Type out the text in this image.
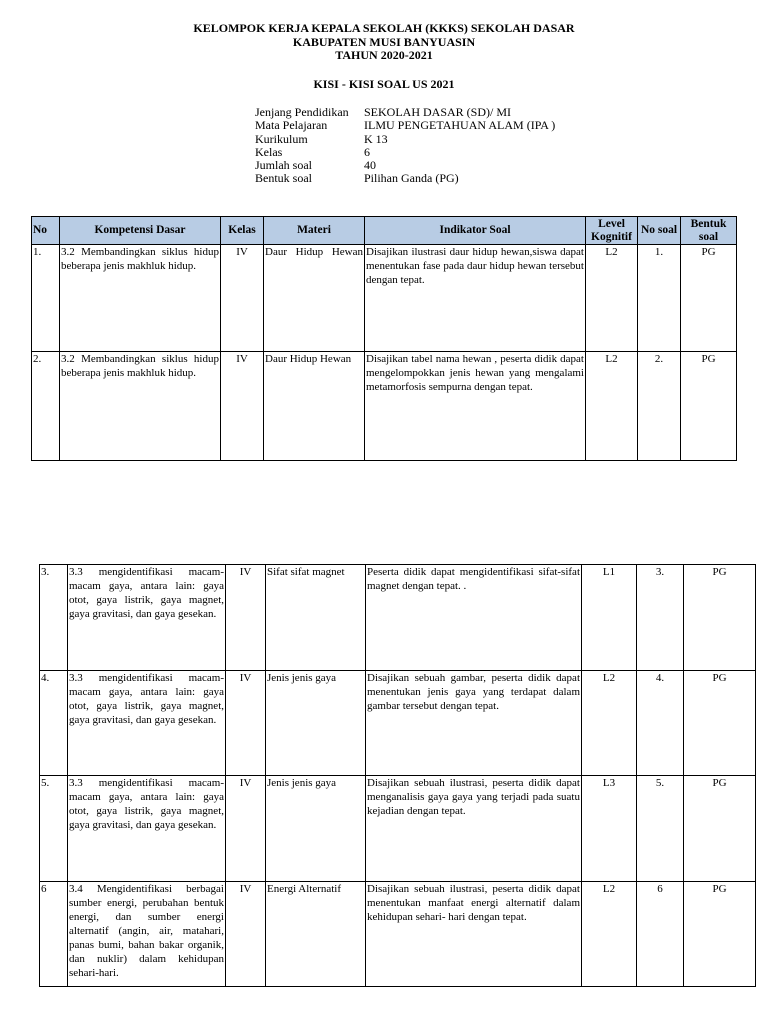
KELOMPOK KERJA KEPALA SEKOLAH (KKKS) SEKOLAH DASAR
KABUPATEN MUSI BANYUASIN
TAHUN 2020-2021
KISI - KISI SOAL US 2021
Jenjang Pendidikan	SEKOLAH DASAR (SD)/ MI
Mata Pelajaran	ILMU PENGETAHUAN ALAM (IPA )
Kurikulum	K 13
Kelas	6
Jumlah soal	40
Bentuk soal	Pilihan Ganda (PG)
No	Kompetensi Dasar	Kelas	Materi	Indikator Soal	Level Kognitif	No soal	Bentuk soal
1.	3.2 Membandingkan siklus hidup beberapa jenis makhluk hidup.	IV	Daur Hidup Hewan	Disajikan ilustrasi daur hidup hewan,siswa dapat menentukan fase pada daur hidup hewan tersebut dengan tepat.	L2	1.	PG
2.	3.2 Membandingkan siklus hidup beberapa jenis makhluk hidup.	IV	Daur Hidup Hewan	Disajikan tabel nama hewan , peserta didik dapat mengelompokkan jenis hewan yang mengalami metamorfosis sempurna dengan tepat.	L2	2.	PG
3.	3.3 mengidentifikasi macam-macam gaya, antara lain: gaya otot, gaya listrik, gaya magnet, gaya gravitasi, dan gaya gesekan.	IV	Sifat sifat magnet	Peserta didik dapat mengidentifikasi sifat-sifat magnet dengan tepat. .	L1	3.	PG
4.	3.3 mengidentifikasi macam-macam gaya, antara lain: gaya otot, gaya listrik, gaya magnet, gaya gravitasi, dan gaya gesekan.	IV	Jenis jenis gaya	Disajikan sebuah gambar, peserta didik dapat menentukan jenis gaya yang terdapat dalam gambar tersebut dengan tepat.	L2	4.	PG
5.	3.3 mengidentifikasi macam-macam gaya, antara lain: gaya otot, gaya listrik, gaya magnet, gaya gravitasi, dan gaya gesekan.	IV	Jenis jenis gaya	Disajikan sebuah ilustrasi, peserta didik dapat menganalisis gaya gaya yang terjadi pada suatu kejadian dengan tepat.	L3	5.	PG
6	3.4 Mengidentifikasi berbagai sumber energi, perubahan bentuk energi, dan sumber energi alternatif (angin, air, matahari, panas bumi, bahan bakar organik, dan nuklir) dalam kehidupan sehari-hari.	IV	Energi Alternatif	Disajikan sebuah ilustrasi, peserta didik dapat menentukan manfaat energi alternatif dalam kehidupan sehari- hari dengan tepat.	L2	6	PG
